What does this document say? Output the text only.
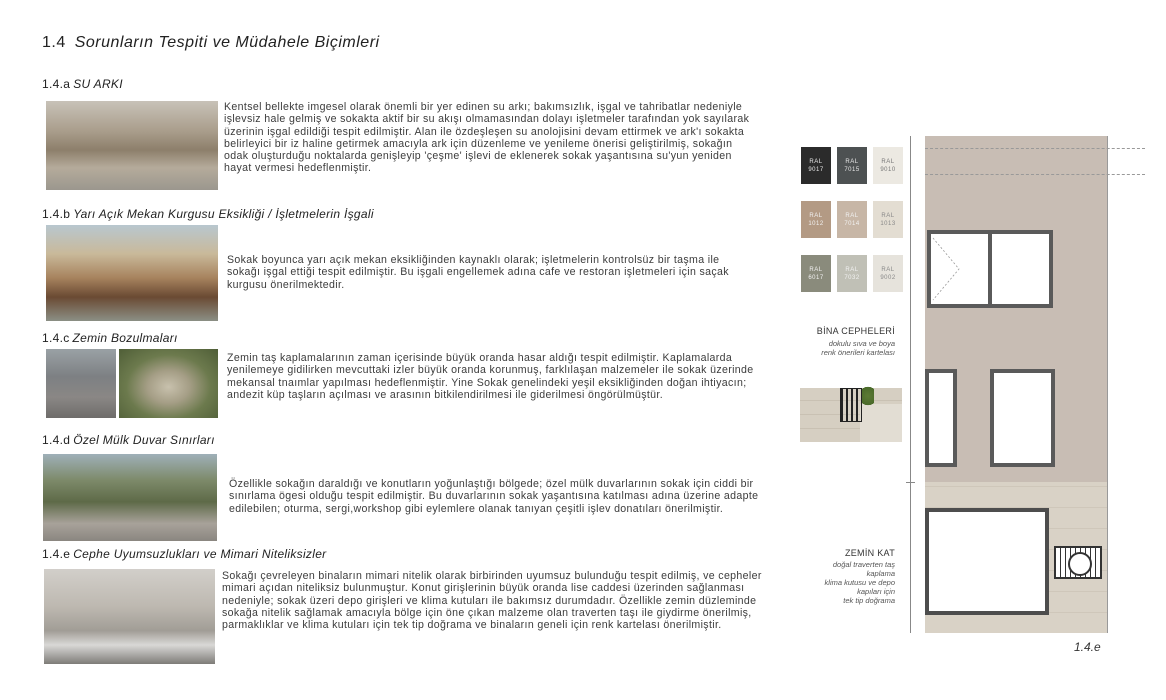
1.4 Sorunların Tespiti ve Müdahele Biçimleri
1.4.a SU ARKI
Kentsel bellekte imgesel olarak önemli bir yer edinen su arkı; bakımsızlık, işgal ve tahribatlar nedeniyle işlevsiz hale gelmiş ve sokakta aktif bir su akışı olmamasından dolayı işletmeler tarafından yok sayılarak üzerinin işgal edildiği tespit edilmiştir. Alan ile özdeşleşen su anolojisini devam ettirmek ve ark'ı sokakta belirleyici bir iz haline getirmek amacıyla ark için düzenleme ve yenileme önerisi geliştirilmiş, sokağın odak oluşturduğu noktalarda genişleyip 'çeşme' işlevi de eklenerek sokak yaşantısına su'yun yeniden hayat vermesi hedeflenmiştir.
1.4.b Yarı Açık Mekan Kurgusu Eksikliği / İşletmelerin İşgali
Sokak boyunca yarı açık mekan eksikliğinden kaynaklı olarak; işletmelerin kontrolsüz bir taşma ile sokağı işgal ettiği tespit edilmiştir. Bu işgali engellemek adına cafe ve restoran işletmeleri için saçak kurgusu önerilmektedir.
1.4.c Zemin Bozulmaları
Zemin taş kaplamalarının zaman içerisinde büyük oranda hasar aldığı tespit edilmiştir. Kaplamalarda yenilemeye gidilirken mevcuttaki izler büyük oranda korunmuş, farklılaşan malzemeler ile sokak üzerinde mekansal tnaımlar yapılması hedeflenmiştir. Yine Sokak genelindeki yeşil eksikliğinden doğan ihtiyacın; andezit küp taşların açılması ve arasının bitkilendirilmesi ile giderilmesi öngörülmüştür.
1.4.d Özel Mülk Duvar Sınırları
Özellikle sokağın daraldığı ve konutların yoğunlaştığı bölgede; özel mülk duvarlarının sokak için ciddi bir sınırlama ögesi olduğu tespit edilmiştir. Bu duvarlarının sokak yaşantısına katılması adına üzerine adapte edilebilen; oturma, sergi,workshop gibi eylemlere olanak tanıyan çeşitli işlev donatıları önerilmiştir.
1.4.e Cephe Uyumsuzlukları ve Mimari Niteliksizler
Sokağı çevreleyen binaların mimari nitelik olarak birbirinden uyumsuz bulunduğu tespit edilmiş, ve cepheler mimari açıdan niteliksiz bulunmuştur. Konut girişlerinin büyük oranda lise caddesi üzerinden sağlanması nedeniyle; sokak üzeri depo girişleri ve klima kutuları ile bakımsız durumdadır. Özellikle zemin düzleminde sokağa nitelik sağlamak amacıyla bölge için öne çıkan malzeme olan traverten taşı ile giydirme önerilmiş, parmaklıklar ve klima kutuları için tek tip doğrama ve binaların geneli için renk kartelası önerilmiştir.
RAL
9017
RAL
7015
RAL
9010
RAL
1012
RAL
7014
RAL
1013
RAL
6017
RAL
7032
RAL
9002
BİNA CEPHELERİ
dokulu sıva ve boya
renk önerileri kartelası
ZEMİN KAT
doğal traverten taş
kaplama
klima kutusu ve depo
kapıları için
tek tip doğrama
1.4.e
